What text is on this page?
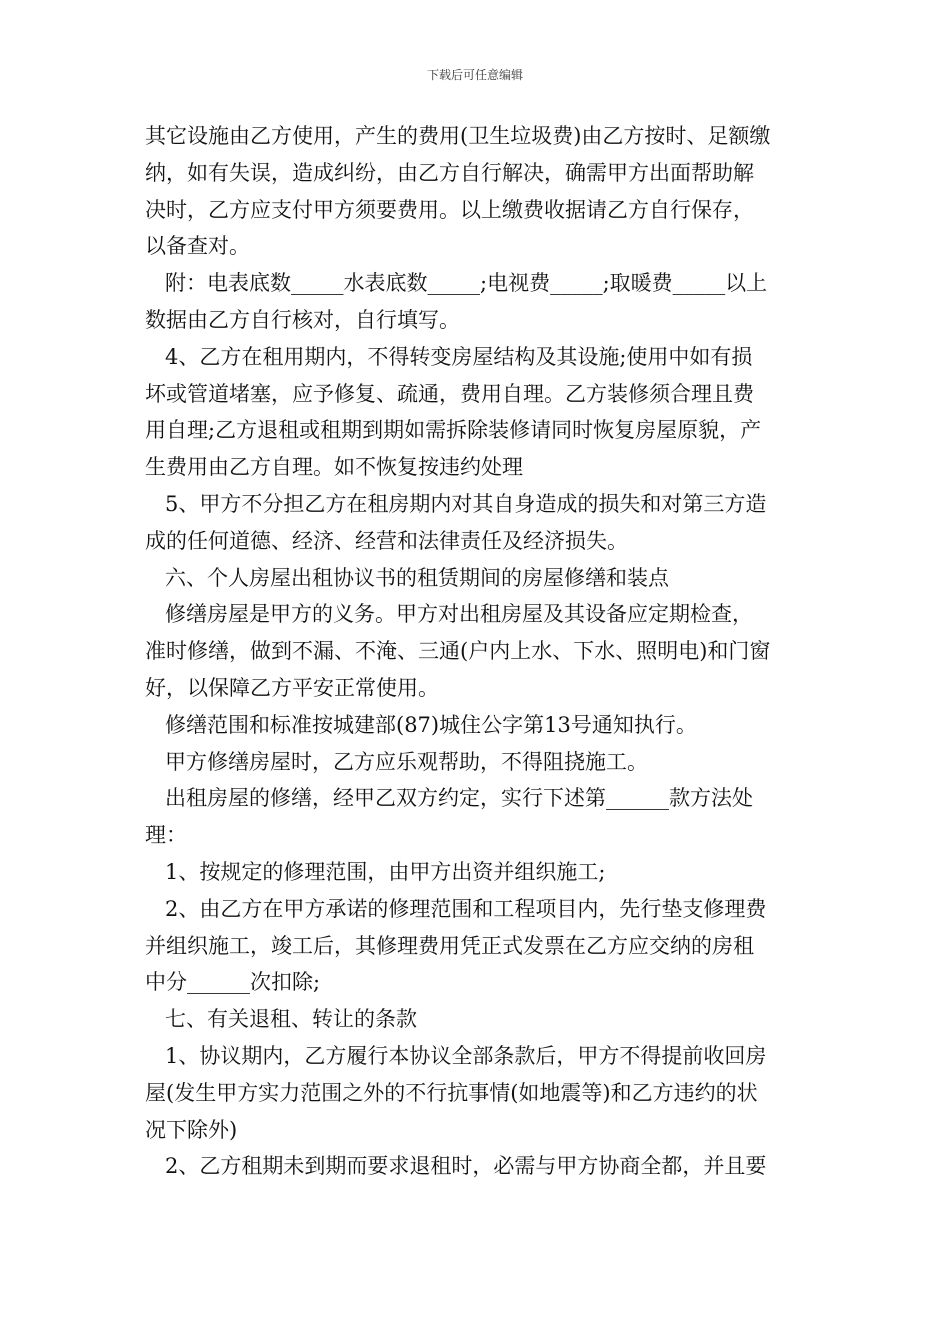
下载后可任意编辑
其它设施由乙方使用，产生的费用(卫生垃圾费)由乙方按时、足额缴
纳，如有失误，造成纠纷，由乙方自行解决，确需甲方出面帮助解
决时，乙方应支付甲方须要费用。以上缴费收据请乙方自行保存，
以备查对。
附：电表底数_____水表底数_____;电视费_____;取暖费_____以上
数据由乙方自行核对，自行填写。
4、乙方在租用期内，不得转变房屋结构及其设施;使用中如有损
坏或管道堵塞，应予修复、疏通，费用自理。乙方装修须合理且费
用自理;乙方退租或租期到期如需拆除装修请同时恢复房屋原貌，产
生费用由乙方自理。如不恢复按违约处理
5、甲方不分担乙方在租房期内对其自身造成的损失和对第三方造
成的任何道德、经济、经营和法律责任及经济损失。
六、个人房屋出租协议书的租赁期间的房屋修缮和装点
修缮房屋是甲方的义务。甲方对出租房屋及其设备应定期检查，
准时修缮，做到不漏、不淹、三通(户内上水、下水、照明电)和门窗
好，以保障乙方平安正常使用。
修缮范围和标准按城建部(87)城住公字第13号通知执行。
甲方修缮房屋时，乙方应乐观帮助，不得阻挠施工。
出租房屋的修缮，经甲乙双方约定，实行下述第______款方法处
理：
1、按规定的修理范围，由甲方出资并组织施工;
2、由乙方在甲方承诺的修理范围和工程项目内，先行垫支修理费
并组织施工，竣工后，其修理费用凭正式发票在乙方应交纳的房租
中分______次扣除;
七、有关退租、转让的条款
1、协议期内，乙方履行本协议全部条款后，甲方不得提前收回房
屋(发生甲方实力范围之外的不行抗事情(如地震等)和乙方违约的状
况下除外)
2、乙方租期未到期而要求退租时，必需与甲方协商全都，并且要
